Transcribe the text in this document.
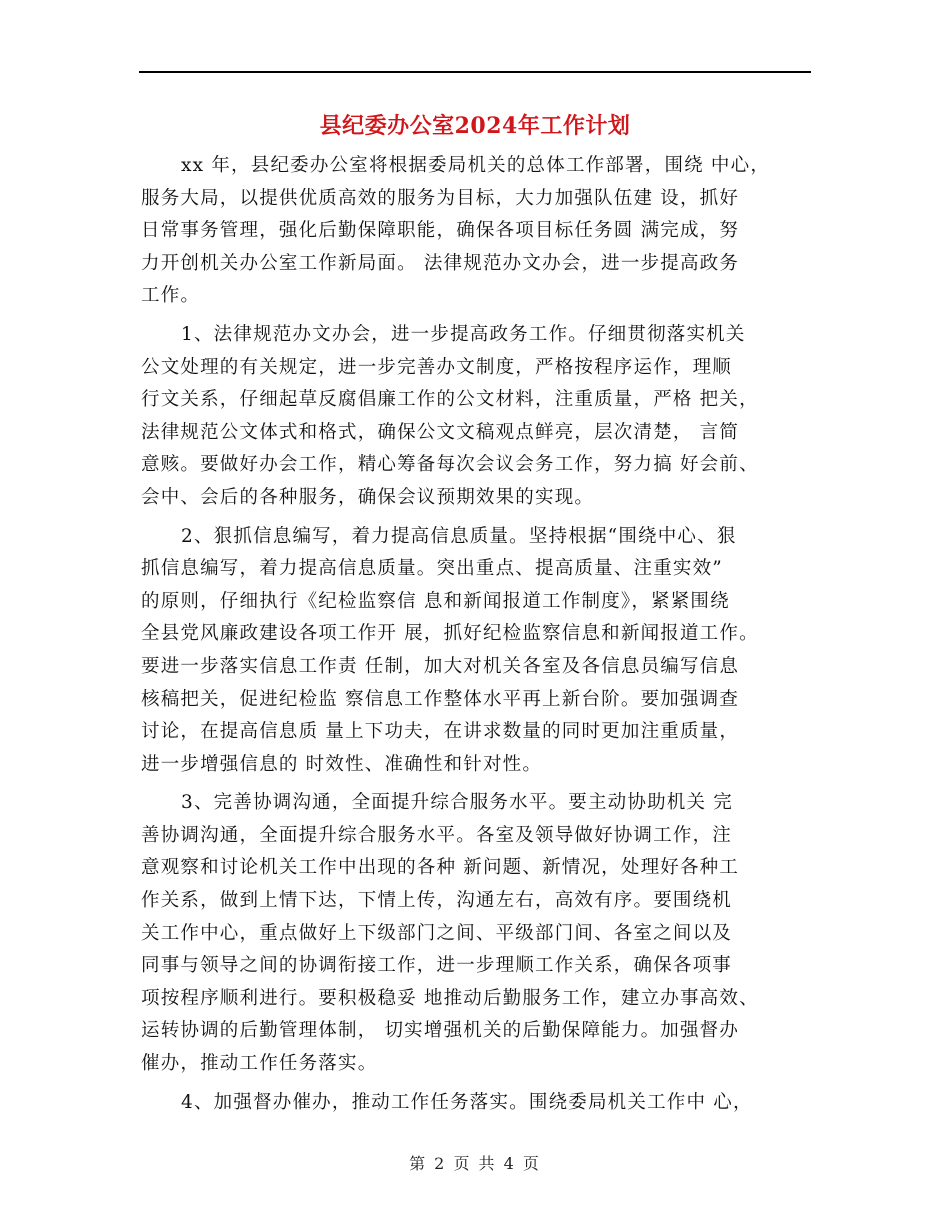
县纪委办公室2024年工作计划
xx 年，县纪委办公室将根据委局机关的总体工作部署，围绕 中心，
服务大局，以提供优质高效的服务为目标，大力加强队伍建 设，抓好
日常事务管理，强化后勤保障职能，确保各项目标任务圆 满完成，努
力开创机关办公室工作新局面。 法律规范办文办会，进一步提高政务
工作。
1、法律规范办文办会，进一步提高政务工作。仔细贯彻落实机关
公文处理的有关规定，进一步完善办文制度，严格按程序运作，理顺
行文关系，仔细起草反腐倡廉工作的公文材料，注重质量，严格 把关，
法律规范公文体式和格式，确保公文文稿观点鲜亮，层次清楚， 言简
意赅。要做好办会工作，精心筹备每次会议会务工作，努力搞 好会前、
会中、会后的各种服务，确保会议预期效果的实现。
2、狠抓信息编写，着力提高信息质量。坚持根据“围绕中心、狠
抓信息编写，着力提高信息质量。突出重点、提高质量、注重实效”
的原则，仔细执行《纪检监察信 息和新闻报道工作制度》，紧紧围绕
全县党风廉政建设各项工作开 展，抓好纪检监察信息和新闻报道工作。
要进一步落实信息工作责 任制，加大对机关各室及各信息员编写信息
核稿把关，促进纪检监 察信息工作整体水平再上新台阶。要加强调查
讨论，在提高信息质 量上下功夫，在讲求数量的同时更加注重质量，
进一步增强信息的 时效性、准确性和针对性。
3、完善协调沟通，全面提升综合服务水平。要主动协助机关 完
善协调沟通，全面提升综合服务水平。各室及领导做好协调工作，注
意观察和讨论机关工作中出现的各种 新问题、新情况，处理好各种工
作关系，做到上情下达，下情上传，沟通左右，高效有序。要围绕机
关工作中心，重点做好上下级部门之间、平级部门间、各室之间以及
同事与领导之间的协调衔接工作，进一步理顺工作关系，确保各项事
项按程序顺利进行。要积极稳妥 地推动后勤服务工作，建立办事高效、
运转协调的后勤管理体制， 切实增强机关的后勤保障能力。加强督办
催办，推动工作任务落实。
4、加强督办催办，推动工作任务落实。围绕委局机关工作中 心，
第 2 页 共 4 页
